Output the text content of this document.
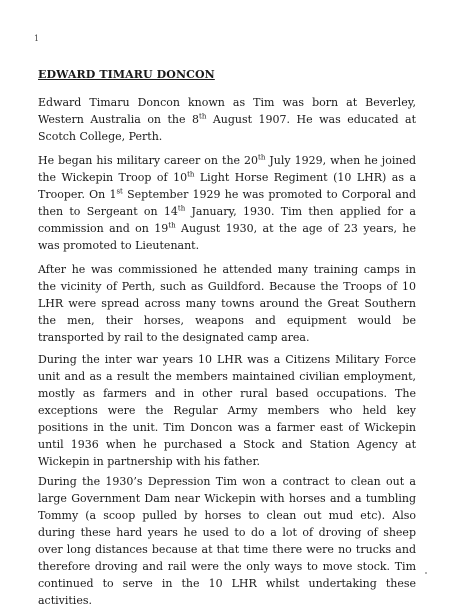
1
EDWARD TIMARU DONCON

Edward Timaru Doncon known as Tim was born at Beverley, Western Australia on the 8th August 1907. He was educated at Scotch College, Perth.

He began his military career on the 20th July 1929, when he joined the Wickepin Troop of 10th Light Horse Regiment (10 LHR) as a Trooper. On 1st September 1929 he was promoted to Corporal and then to Sergeant on 14th January, 1930. Tim then applied for a commission and on 19th August 1930, at the age of 23 years, he was promoted to Lieutenant.

After he was commissioned he attended many training camps in the vicinity of Perth, such as Guildford. Because the Troops of 10 LHR were spread across many towns around the Great Southern the men, their horses, weapons and equipment would be transported by rail to the designated camp area.

During the inter war years 10 LHR was a Citizens Military Force unit and as a result the members maintained civilian employment, mostly as farmers and in other rural based occupations. The exceptions were the Regular Army members who held key positions in the unit. Tim Doncon was a farmer east of Wickepin until 1936 when he purchased a Stock and Station Agency at Wickepin in partnership with his father.

During the 1930’s Depression Tim won a contract to clean out a large Government Dam near Wickepin with horses and a tumbling Tommy (a scoop pulled by horses to clean out mud etc). Also during these hard years he used to do a lot of droving of sheep over long distances because at that time there were no trucks and therefore droving and rail were the only ways to move stock. Tim continued to serve in the 10 LHR whilst undertaking these activities.
